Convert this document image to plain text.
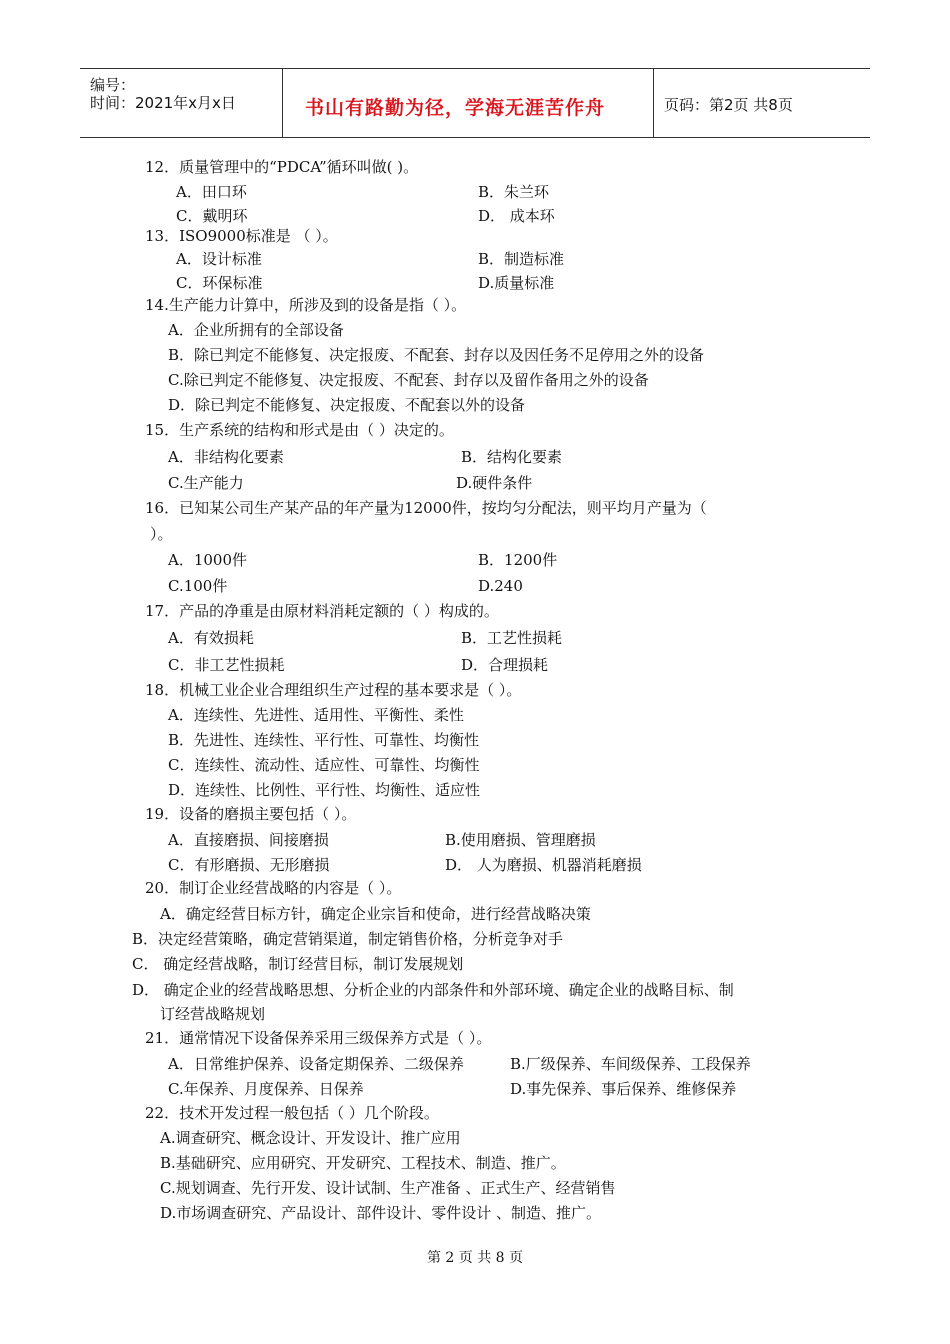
编号：
时间：2021年x月x日	书山有路勤为径，学海无涯苦作舟	页码：第2页 共8页
12．质量管理中的“PDCA”循环叫做( )。
A．田口环	B．朱兰环
C．戴明环	D． 成本环
13．ISO9000标准是 （ ）。
A．设计标准	B．制造标准
C．环保标准	D.质量标准
14.生产能力计算中，所涉及到的设备是指（ ）。
A．企业所拥有的全部设备
B．除已判定不能修复、决定报废、不配套、封存以及因任务不足停用之外的设备
C.除已判定不能修复、决定报废、不配套、封存以及留作备用之外的设备
D．除已判定不能修复、决定报废、不配套以外的设备
15．生产系统的结构和形式是由（ ）决定的。
A．非结构化要素	B．结构化要素
C.生产能力	D.硬件条件
16．已知某公司生产某产品的年产量为12000件，按均匀分配法，则平均月产量为（
）。
A．1000件	B．1200件
C.100件	D.240
17．产品的净重是由原材料消耗定额的（ ）构成的。
A．有效损耗	B．工艺性损耗
C．非工艺性损耗	D．合理损耗
18．机械工业企业合理组织生产过程的基本要求是（ ）。
A．连续性、先进性、适用性、平衡性、柔性
B．先进性、连续性、平行性、可靠性、均衡性
C．连续性、流动性、适应性、可靠性、均衡性
D．连续性、比例性、平行性、均衡性、适应性
19．设备的磨损主要包括（ ）。
A．直接磨损、间接磨损	B.使用磨损、管理磨损
C．有形磨损、无形磨损	D． 人为磨损、机器消耗磨损
20．制订企业经营战略的内容是（ ）。
A．确定经营目标方针，确定企业宗旨和使命，进行经营战略决策
B．决定经营策略，确定营销渠道，制定销售价格，分析竞争对手
C． 确定经营战略，制订经营目标，制订发展规划
D． 确定企业的经营战略思想、分析企业的内部条件和外部环境、确定企业的战略目标、制
订经营战略规划
21．通常情况下设备保养采用三级保养方式是（ ）。
A．日常维护保养、设备定期保养、二级保养	B.厂级保养、车间级保养、工段保养
C.年保养、月度保养、日保养	D.事先保养、事后保养、维修保养
22．技术开发过程一般包括（ ）几个阶段。
A.调查研究、概念设计、开发设计、推广应用
B.基础研究、应用研究、开发研究、工程技术、制造、推广。
C.规划调查、先行开发、设计试制、生产准备 、正式生产、经营销售
D.市场调查研究、产品设计、部件设计、零件设计 、制造、推广。
第 2 页 共 8 页
